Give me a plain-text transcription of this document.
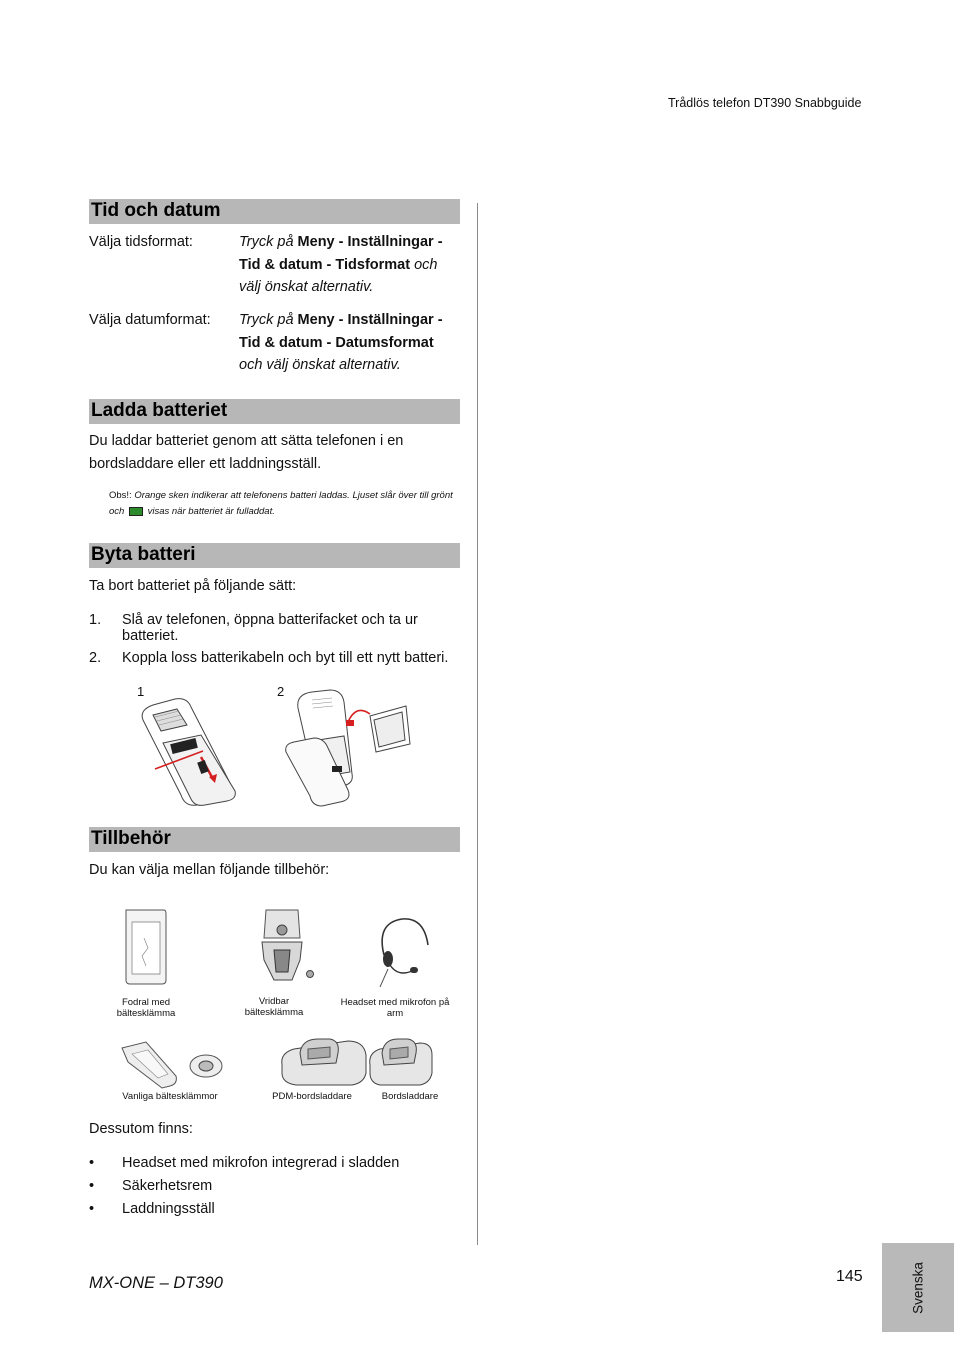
Trådlös telefon DT390 Snabbguide
Tid och datum
Välja tidsformat:	Tryck på Meny - Inställningar - Tid & datum - Tidsformat och välj önskat alternativ.
Välja datumformat: Tryck på Meny - Inställningar - Tid & datum - Datumsformat och välj önskat alternativ.
Ladda batteriet
Du laddar batteriet genom att sätta telefonen i en bordsladdare eller ett laddningsställ.
Obs!: Orange sken indikerar att telefonens batteri laddas. Ljuset slår över till grönt och  visas när batteriet är fulladdat.
Byta batteri
Ta bort batteriet på följande sätt:
1. Slå av telefonen, öppna batterifacket och ta ur batteriet.
2. Koppla loss batterikabeln och byt till ett nytt batteri.
1	2
Tillbehör
Du kan välja mellan följande tillbehör:
Fodral med bältesklämma
Vridbar bältesklämma
Headset med mikrofon på arm
Vanliga bältesklämmor	PDM-bordsladdare	Bordsladdare
Dessutom finns:
• Headset med mikrofon integrerad i sladden
• Säkerhetsrem
• Laddningsställ
MX-ONE – DT390	145	Svenska
